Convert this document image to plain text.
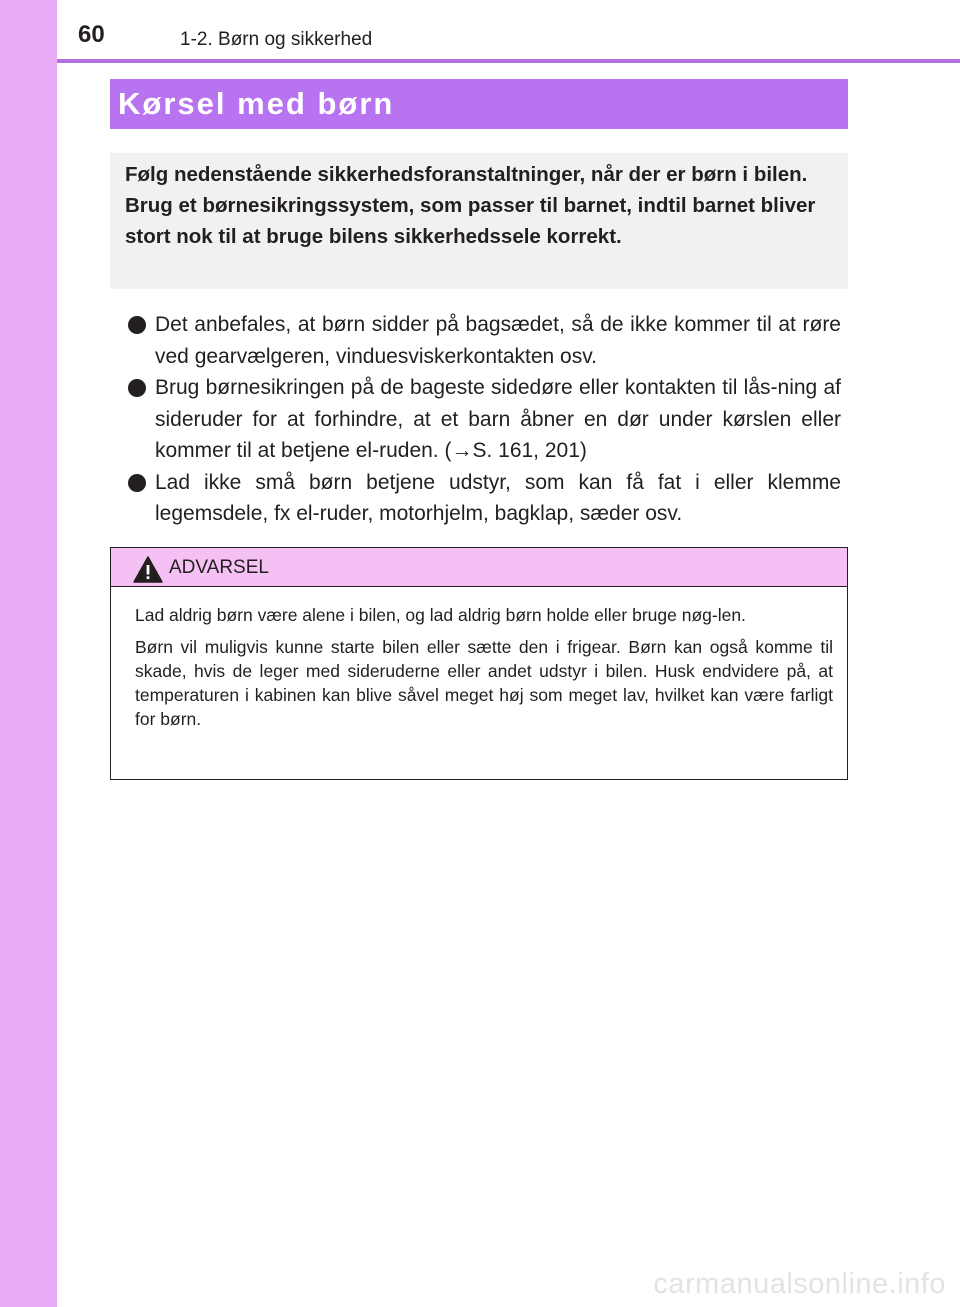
60	1-2. Børn og sikkerhed
Kørsel med børn

Følg nedenstående sikkerhedsforanstaltninger, når der er børn i bilen.

Brug et børnesikringssystem, som passer til barnet, indtil barnet bliver stort nok til at bruge bilens sikkerhedssele korrekt.

Det anbefales, at børn sidder på bagsædet, så de ikke kommer til at røre ved gearvælgeren, vinduesviskerkontakten osv.
Brug børnesikringen på de bageste sidedøre eller kontakten til lås-ning af sideruder for at forhindre, at et barn åbner en dør under kørslen eller kommer til at betjene el-ruden. (→S. 161, 201)
Lad ikke små børn betjene udstyr, som kan få fat i eller klemme legemsdele, fx el-ruder, motorhjelm, bagklap, sæder osv.
ADVARSEL

Lad aldrig børn være alene i bilen, og lad aldrig børn holde eller bruge nøg-len.

Børn vil muligvis kunne starte bilen eller sætte den i frigear. Børn kan også komme til skade, hvis de leger med sideruderne eller andet udstyr i bilen. Husk endvidere på, at temperaturen i kabinen kan blive såvel meget høj som meget lav, hvilket kan være farligt for børn.

carmanualsonline.info
